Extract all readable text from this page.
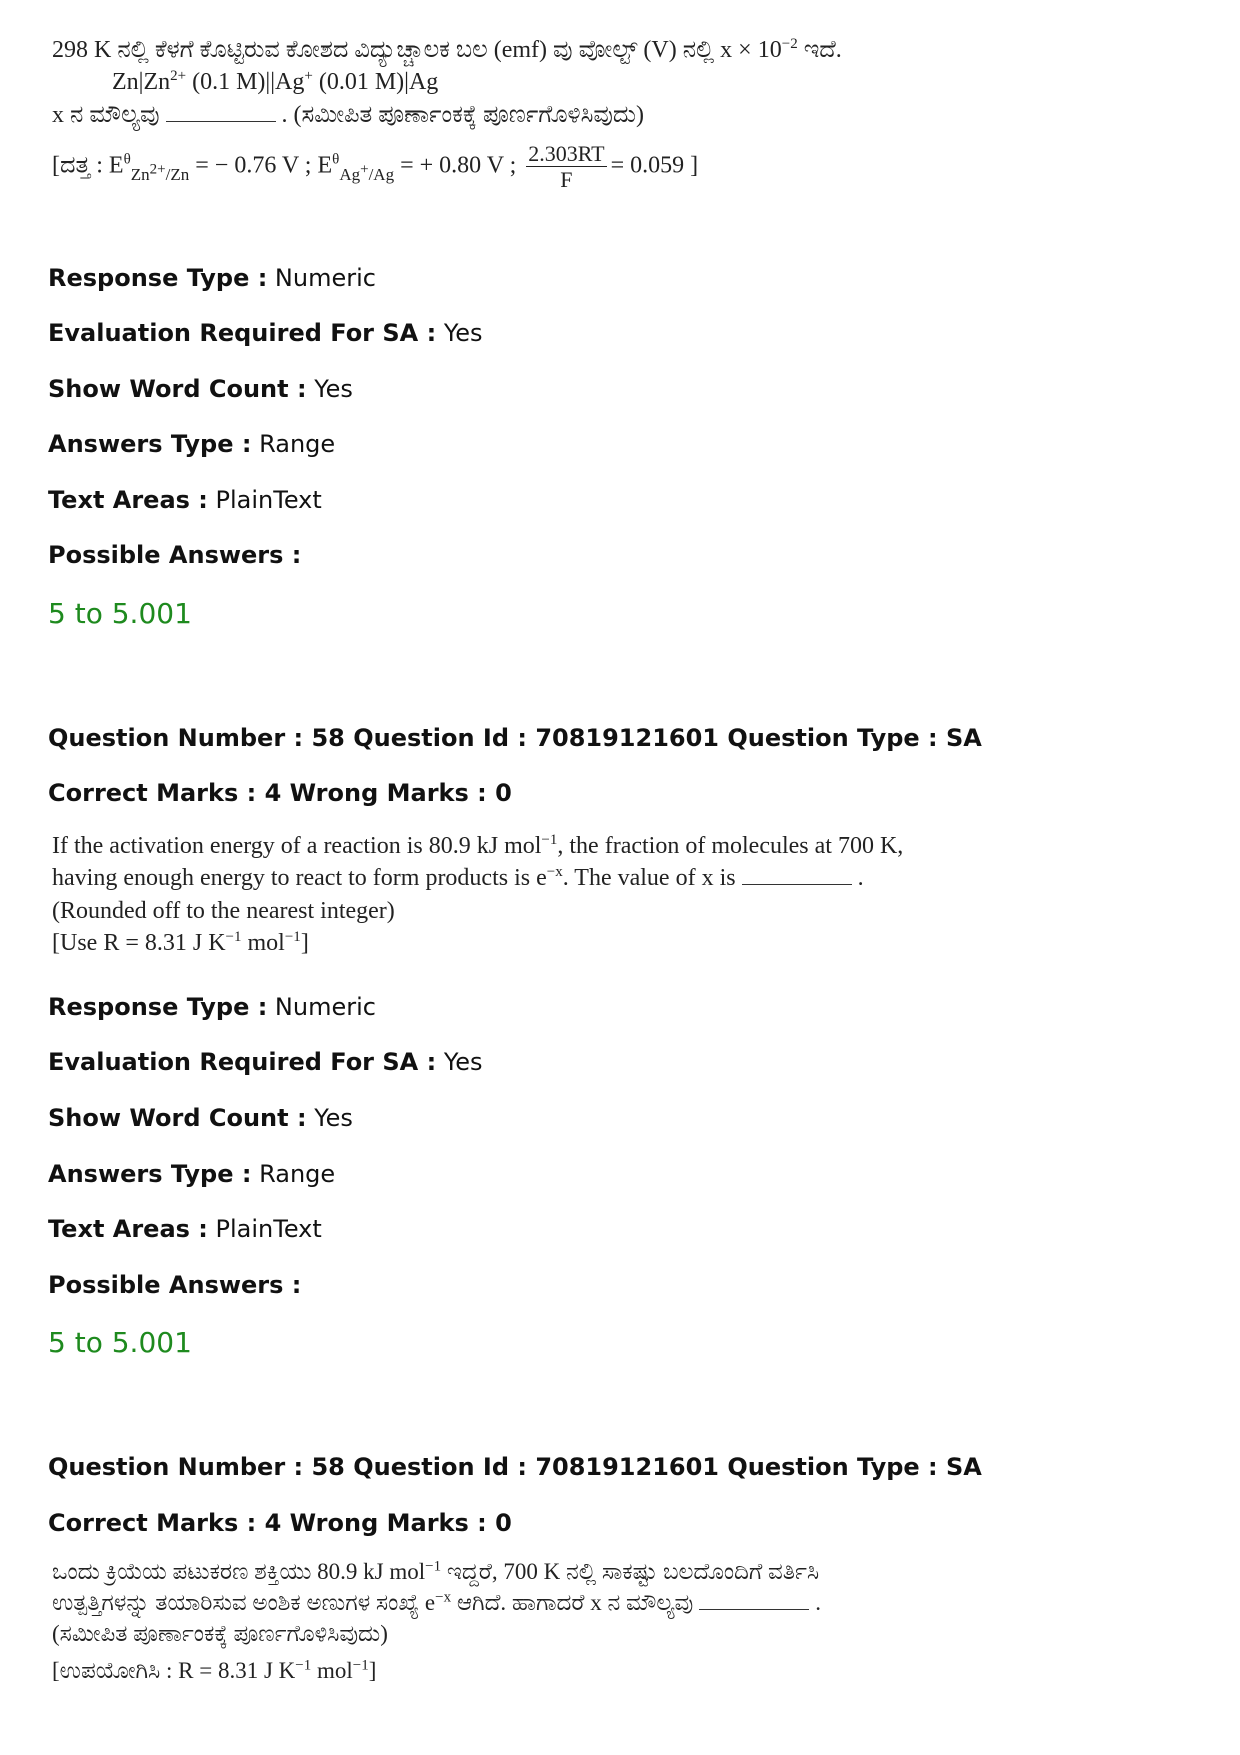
298 K ನಲ್ಲಿ ಕೆಳಗೆ ಕೊಟ್ಟಿರುವ ಕೋಶದ ವಿದ್ಯುಚ್ಚಾಲಕ ಬಲ (emf) ವು ವೋಲ್ಟ್ (V) ನಲ್ಲಿ $x \times 10^{-2}$ ಇದೆ.
$Zn|Zn^{2+}$ (0.1 M)||Ag+ (0.01 M)|Ag
x ನ ಮೌಲ್ಯವು	. (ಸಮೀಪಿತ ಪೂರ್ಣಾಂಕಕ್ಕೆ ಪೂರ್ಣಗೊಳಿಸಿವುದು)
[ದತ್ತ : $E^\theta_{Zn^{2+}/Zn}$ = − 0.76 V ; $E^\theta_{Ag^+/Ag}$ = + 0.80 V ; $\frac{2.303RT}{F} = 0.059$ ]
Response Type : Numeric
Evaluation Required For SA : Yes
Show Word Count : Yes
Answers Type : Range
Text Areas : PlainText
Possible Answers :
5 to 5.001
Question Number : 58 Question Id : 70819121601 Question Type : SA
Correct Marks : 4 Wrong Marks : 0
If the activation energy of a reaction is 80.9 kJ mol$^{-1}$, the fraction of molecules at 700 K,
having enough energy to react to form products is $e^{-x}$. The value of x is	.
(Rounded off to the nearest integer)
[Use R = 8.31 J $K^{-1}$ mol$^{-1}$]
Response Type : Numeric
Evaluation Required For SA : Yes
Show Word Count : Yes
Answers Type : Range
Text Areas : PlainText
Possible Answers :
5 to 5.001
Question Number : 58 Question Id : 70819121601 Question Type : SA
Correct Marks : 4 Wrong Marks : 0
ಒಂದು ಕ್ರಿಯೆಯ ಪಟುಕರಣ ಶಕ್ತಿಯು 80.9 kJ mol$^{-1}$ ಇದ್ದರೆ, 700 K ನಲ್ಲಿ ಸಾಕಷ್ಟು ಬಲದೊಂದಿಗೆ ವರ್ತಿಸಿ
ಉತ್ಪತ್ತಿಗಳನ್ನು ತಯಾರಿಸುವ ಅಂಶಿಕ ಅಣುಗಳ ಸಂಖ್ಯೆ $e^{-x}$ ಆಗಿದೆ. ಹಾಗಾದರೆ x ನ ಮೌಲ್ಯವು	.
(ಸಮೀಪಿತ ಪೂರ್ಣಾಂಕಕ್ಕೆ ಪೂರ್ಣಗೊಳಿಸಿವುದು)
[ಉಪಯೋಗಿಸಿ : R = 8.31 J $K^{-1}$ mol$^{-1}$]
